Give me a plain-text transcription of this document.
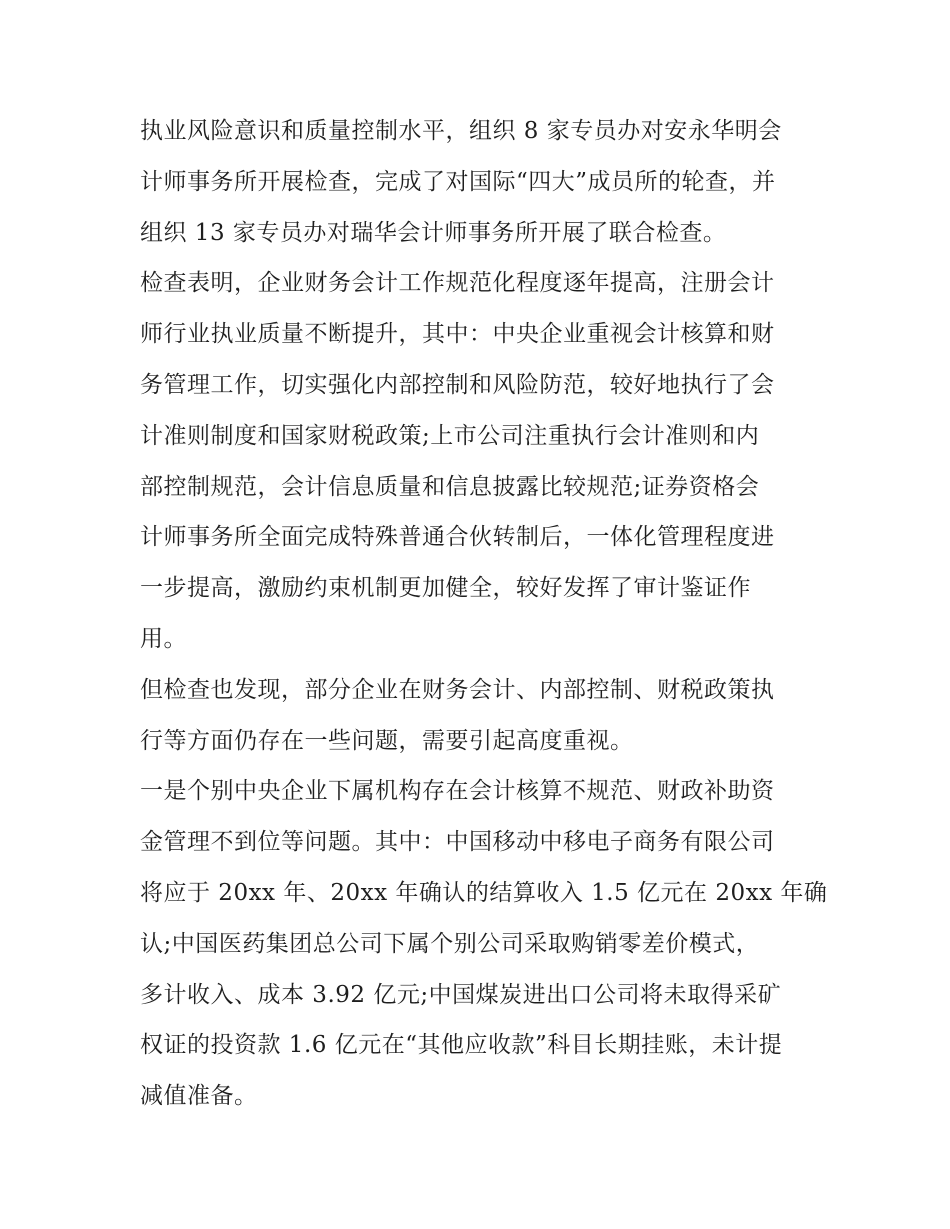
执业风险意识和质量控制水平，组织 8 家专员办对安永华明会
计师事务所开展检查，完成了对国际“四大”成员所的轮查，并
组织 13 家专员办对瑞华会计师事务所开展了联合检查。
检查表明，企业财务会计工作规范化程度逐年提高，注册会计
师行业执业质量不断提升，其中：中央企业重视会计核算和财
务管理工作，切实强化内部控制和风险防范，较好地执行了会
计准则制度和国家财税政策;上市公司注重执行会计准则和内
部控制规范，会计信息质量和信息披露比较规范;证券资格会
计师事务所全面完成特殊普通合伙转制后，一体化管理程度进
一步提高，激励约束机制更加健全，较好发挥了审计鉴证作
用。
但检查也发现，部分企业在财务会计、内部控制、财税政策执
行等方面仍存在一些问题，需要引起高度重视。
一是个别中央企业下属机构存在会计核算不规范、财政补助资
金管理不到位等问题。其中：中国移动中移电子商务有限公司
将应于 20xx 年、20xx 年确认的结算收入 1.5 亿元在 20xx 年确
认;中国医药集团总公司下属个别公司采取购销零差价模式，
多计收入、成本 3.92 亿元;中国煤炭进出口公司将未取得采矿
权证的投资款 1.6 亿元在“其他应收款”科目长期挂账，未计提
减值准备。
